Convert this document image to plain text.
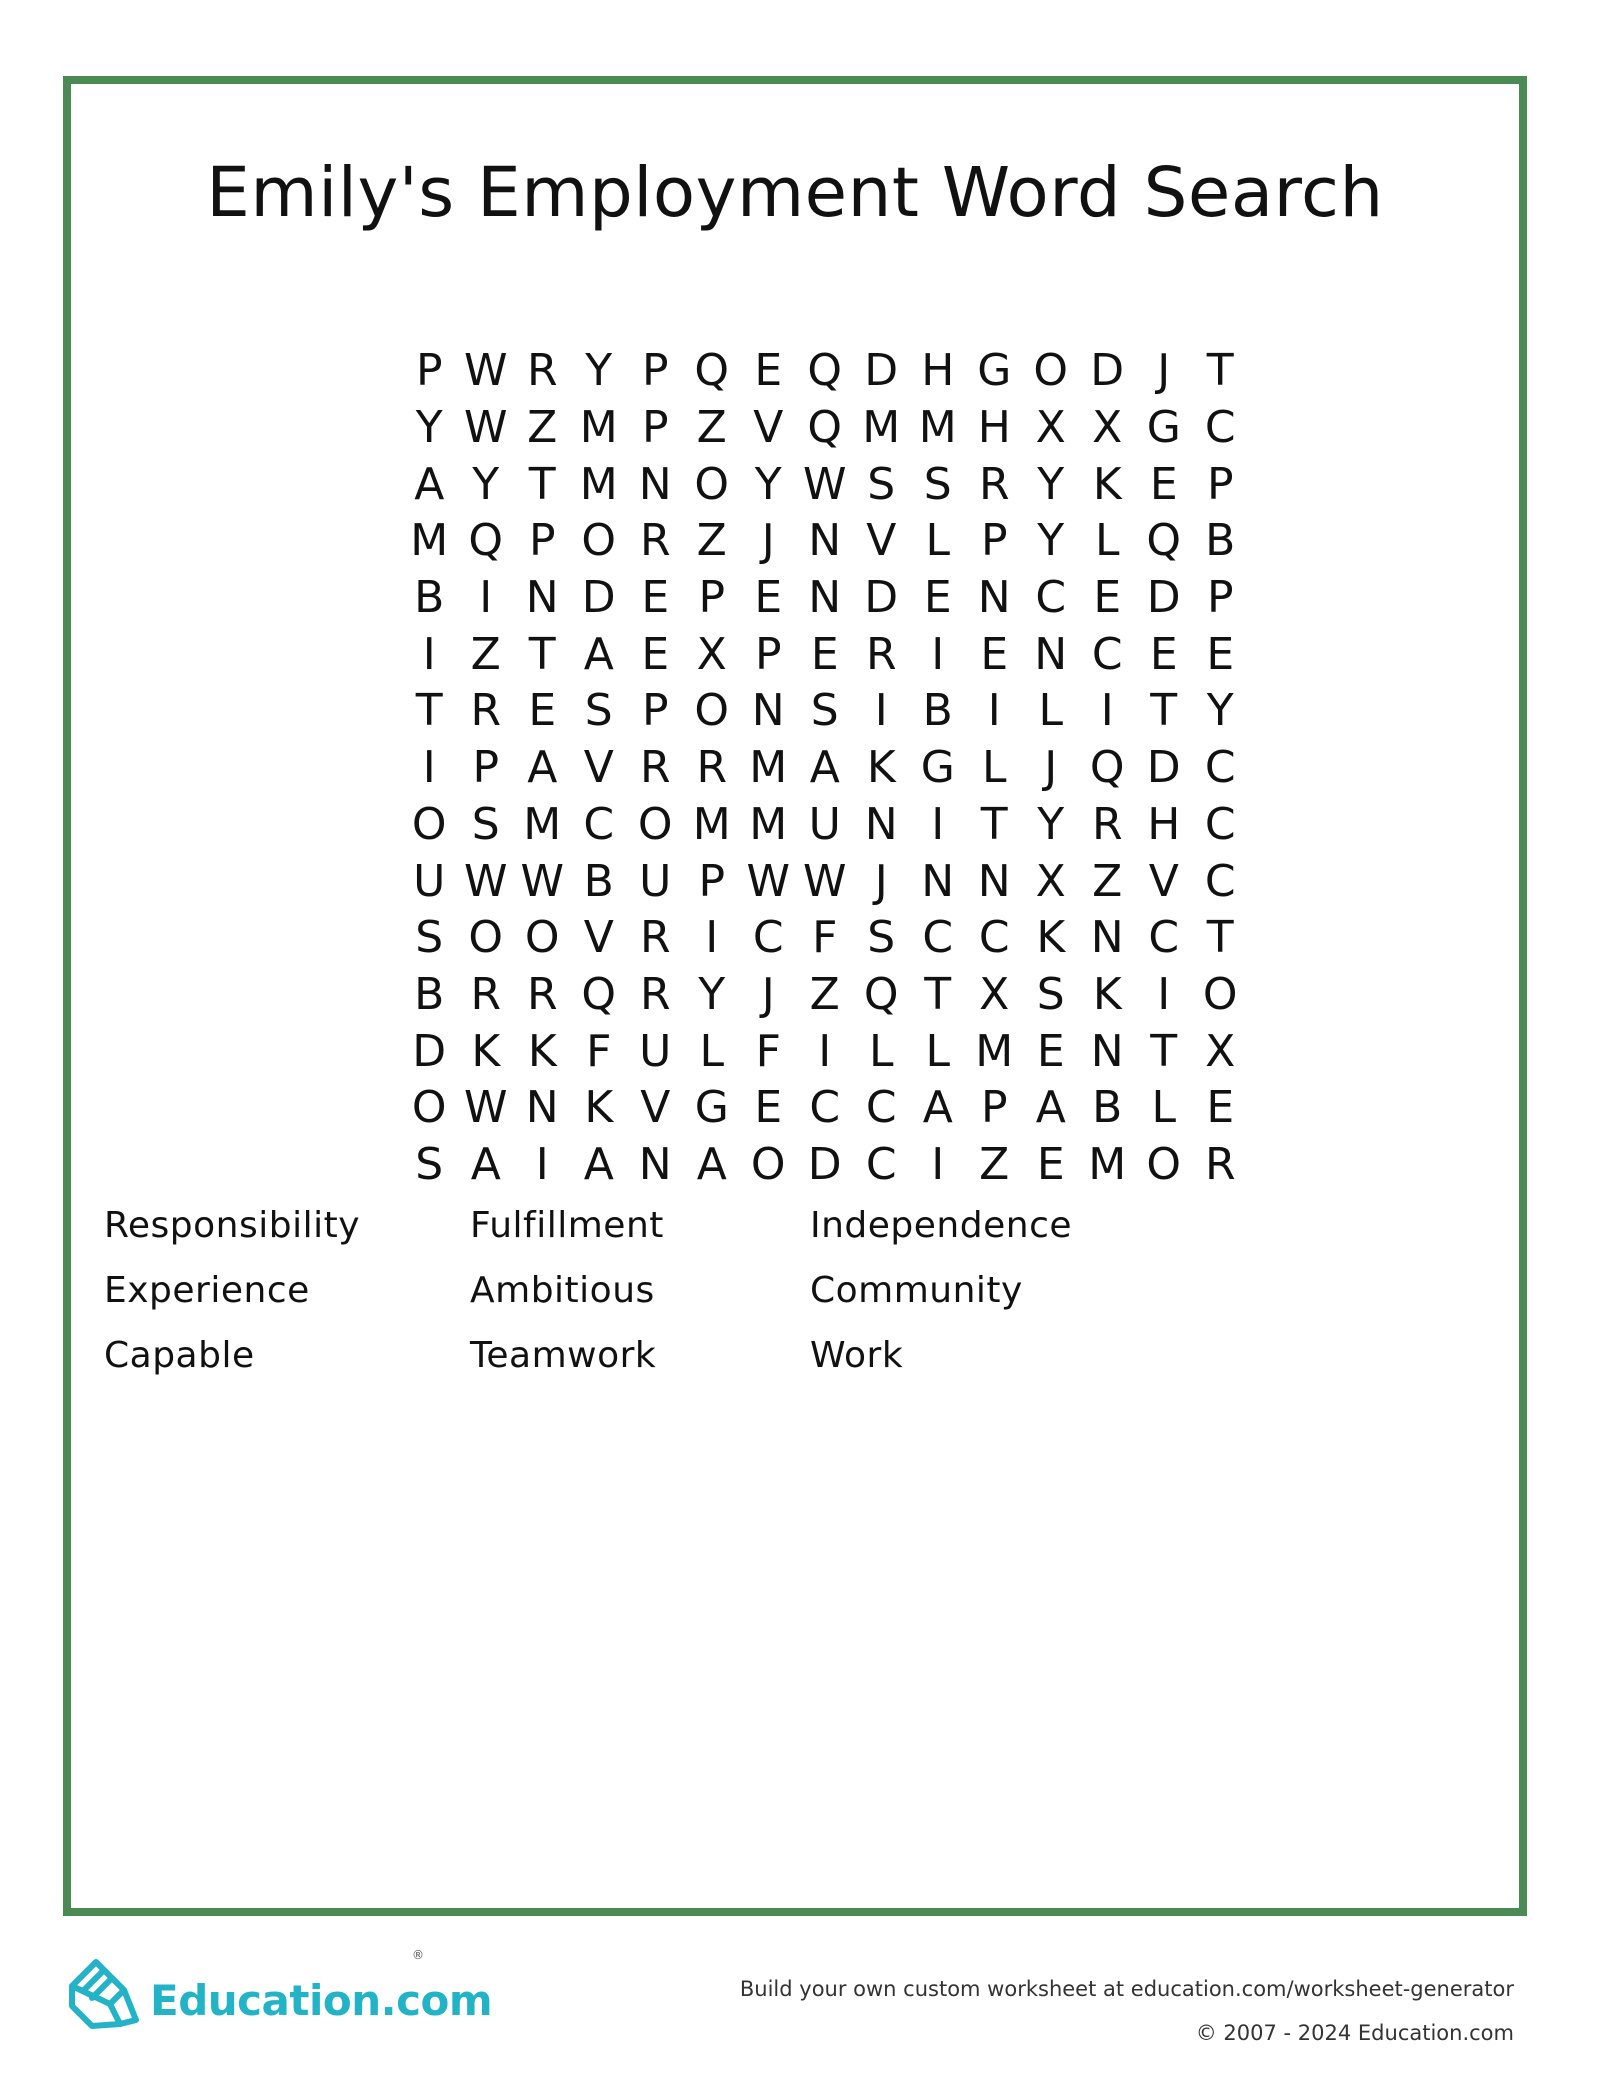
Emily's Employment Word Search
P W R Y P Q E Q D H G O D J T
Y W Z M P Z V Q M M H X X G C
A Y T M N O Y W S S R Y K E P
M Q P O R Z J N V L P Y L Q B
B I N D E P E N D E N C E D P
I Z T A E X P E R I E N C E E
T R E S P O N S I B I L I T Y
I P A V R R M A K G L J Q D C
O S M C O M M U N I T Y R H C
U W W B U P W W J N N X Z V C
S O O V R I C F S C C K N C T
B R R Q R Y J Z Q T X S K I O
D K K F U L F I L L M E N T X
O W N K V G E C C A P A B L E
S A I A N A O D C I Z E M O R
Responsibility	Fulfillment	Independence
Experience	Ambitious	Community
Capable	Teamwork	Work
Education.com
®
Build your own custom worksheet at education.com/worksheet-generator
© 2007 - 2024 Education.com
